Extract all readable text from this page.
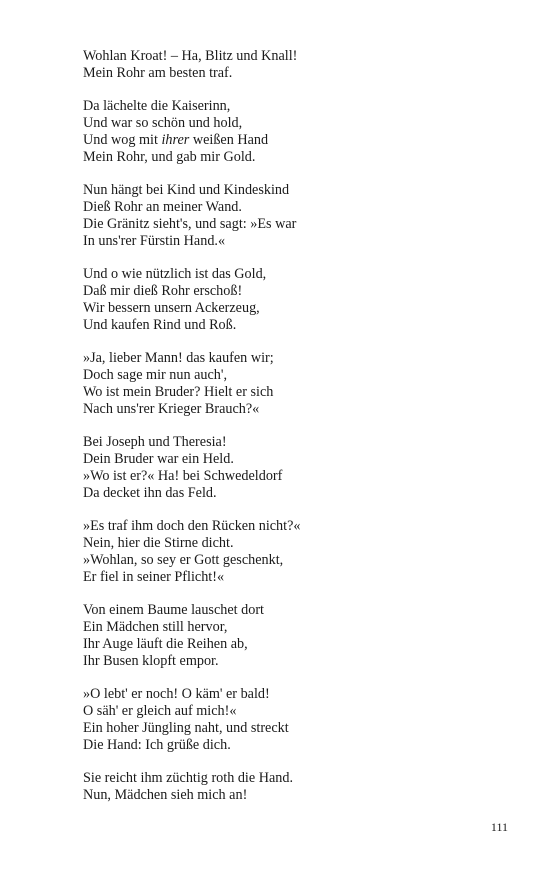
Wohlan Kroat! – Ha, Blitz und Knall!
Mein Rohr am besten traf.
Da lächelte die Kaiserinn,
Und war so schön und hold,
Und wog mit ihrer weißen Hand
Mein Rohr, und gab mir Gold.
Nun hängt bei Kind und Kindeskind
Dieß Rohr an meiner Wand.
Die Gränitz sieht's, und sagt: »Es war
In uns'rer Fürstin Hand.«
Und o wie nützlich ist das Gold,
Daß mir dieß Rohr erschoß!
Wir bessern unsern Ackerzeug,
Und kaufen Rind und Roß.
»Ja, lieber Mann! das kaufen wir;
Doch sage mir nun auch',
Wo ist mein Bruder? Hielt er sich
Nach uns'rer Krieger Brauch?«
Bei Joseph und Theresia!
Dein Bruder war ein Held.
»Wo ist er?« Ha! bei Schwedeldorf
Da decket ihn das Feld.
»Es traf ihm doch den Rücken nicht?«
Nein, hier die Stirne dicht.
»Wohlan, so sey er Gott geschenkt,
Er fiel in seiner Pflicht!«
Von einem Baume lauschet dort
Ein Mädchen still hervor,
Ihr Auge läuft die Reihen ab,
Ihr Busen klopft empor.
»O lebt' er noch! O käm' er bald!
O säh' er gleich auf mich!«
Ein hoher Jüngling naht, und streckt
Die Hand: Ich grüße dich.
Sie reicht ihm züchtig roth die Hand.
Nun, Mädchen sieh mich an!
111
